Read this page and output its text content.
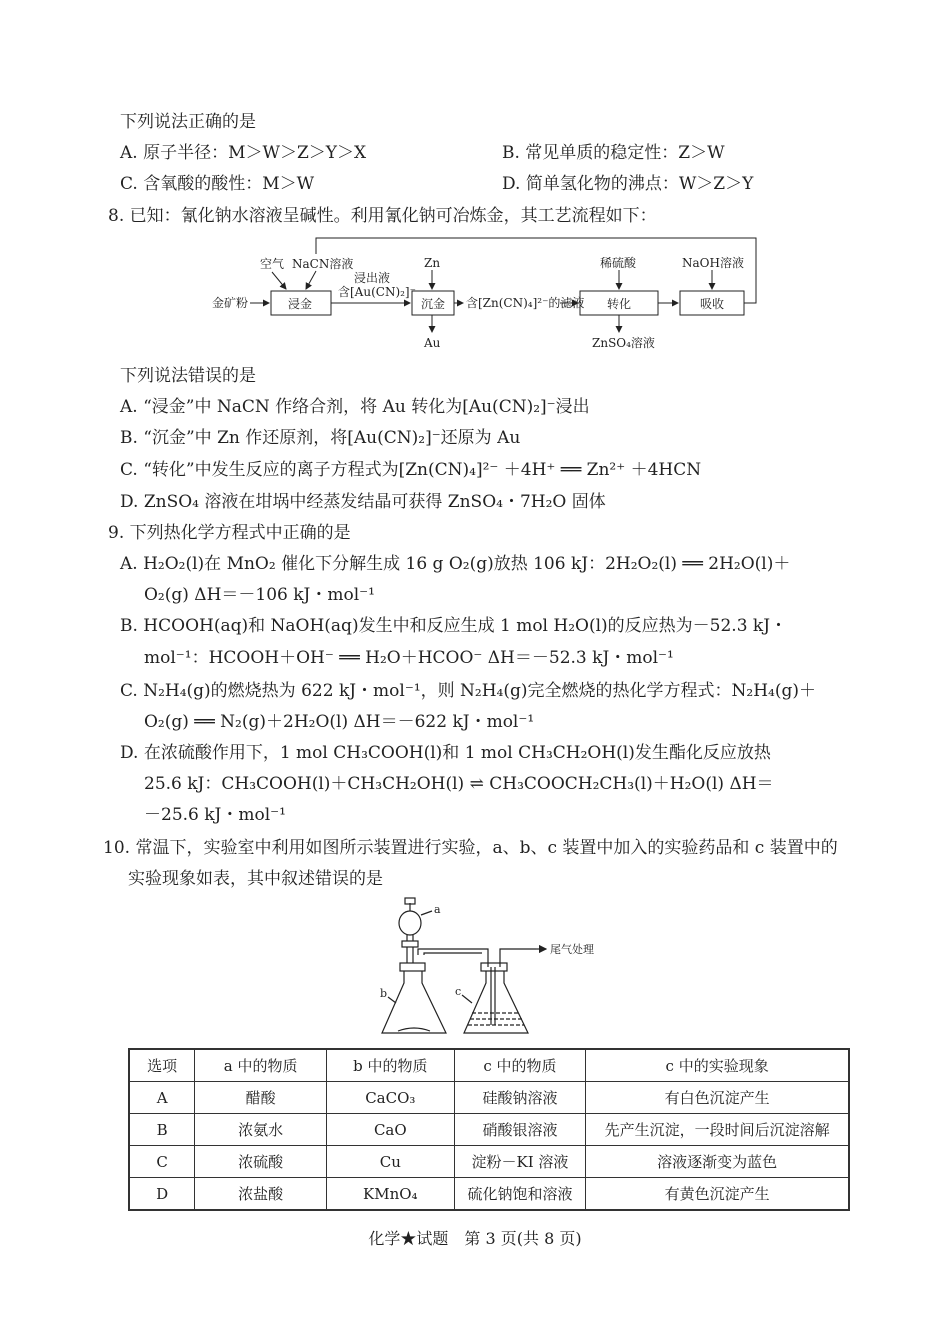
下列说法正确的是
A. 原子半径：M＞W＞Z＞Y＞X	B. 常见单质的稳定性：Z＞W
C. 含氧酸的酸性：M＞W	D. 简单氢化物的沸点：W＞Z＞Y
8. 已知：氰化钠水溶液呈碱性。利用氰化钠可冶炼金，其工艺流程如下：
金矿粉	浸金	沉金	转化	吸收
空气 NaCN溶液
浸出液
含[Au(CN)₂]⁻
Zn
Au
含[Zn(CN)₄]²⁻的滤液
稀硫酸
ZnSO₄溶液
NaOH溶液
下列说法错误的是
A. “浸金”中 NaCN 作络合剂，将 Au 转化为[Au(CN)₂]⁻浸出
B. “沉金”中 Zn 作还原剂，将[Au(CN)₂]⁻还原为 Au
C. “转化”中发生反应的离子方程式为[Zn(CN)₄]²⁻ ＋4H⁺ ══ Zn²⁺ ＋4HCN
D. ZnSO₄ 溶液在坩埚中经蒸发结晶可获得 ZnSO₄・7H₂O 固体
9. 下列热化学方程式中正确的是
A. H₂O₂(l)在 MnO₂ 催化下分解生成 16 g O₂(g)放热 106 kJ：2H₂O₂(l) ══ 2H₂O(l)＋
O₂(g) ΔH＝－106 kJ・mol⁻¹
B. HCOOH(aq)和 NaOH(aq)发生中和反应生成 1 mol H₂O(l)的反应热为－52.3 kJ・
mol⁻¹：HCOOH＋OH⁻ ══ H₂O＋HCOO⁻ ΔH＝－52.3 kJ・mol⁻¹
C. N₂H₄(g)的燃烧热为 622 kJ・mol⁻¹，则 N₂H₄(g)完全燃烧的热化学方程式：N₂H₄(g)＋
O₂(g) ══ N₂(g)＋2H₂O(l) ΔH＝－622 kJ・mol⁻¹
D. 在浓硫酸作用下，1 mol CH₃COOH(l)和 1 mol CH₃CH₂OH(l)发生酯化反应放热
25.6 kJ：CH₃COOH(l)＋CH₃CH₂OH(l) ⇌ CH₃COOCH₂CH₃(l)＋H₂O(l) ΔH＝
－25.6 kJ・mol⁻¹
10. 常温下，实验室中利用如图所示装置进行实验，a、b、c 装置中加入的实验药品和 c 装置中的
实验现象如表，其中叙述错误的是
a
b	c
尾气处理
选项	a 中的物质	b 中的物质	c 中的物质	c 中的实验现象
A	醋酸	CaCO₃	硅酸钠溶液	有白色沉淀产生
B	浓氨水	CaO	硝酸银溶液	先产生沉淀，一段时间后沉淀溶解
C	浓硫酸	Cu	淀粉－KI 溶液	溶液逐渐变为蓝色
D	浓盐酸	KMnO₄	硫化钠饱和溶液	有黄色沉淀产生
化学★试题　第 3 页(共 8 页)
